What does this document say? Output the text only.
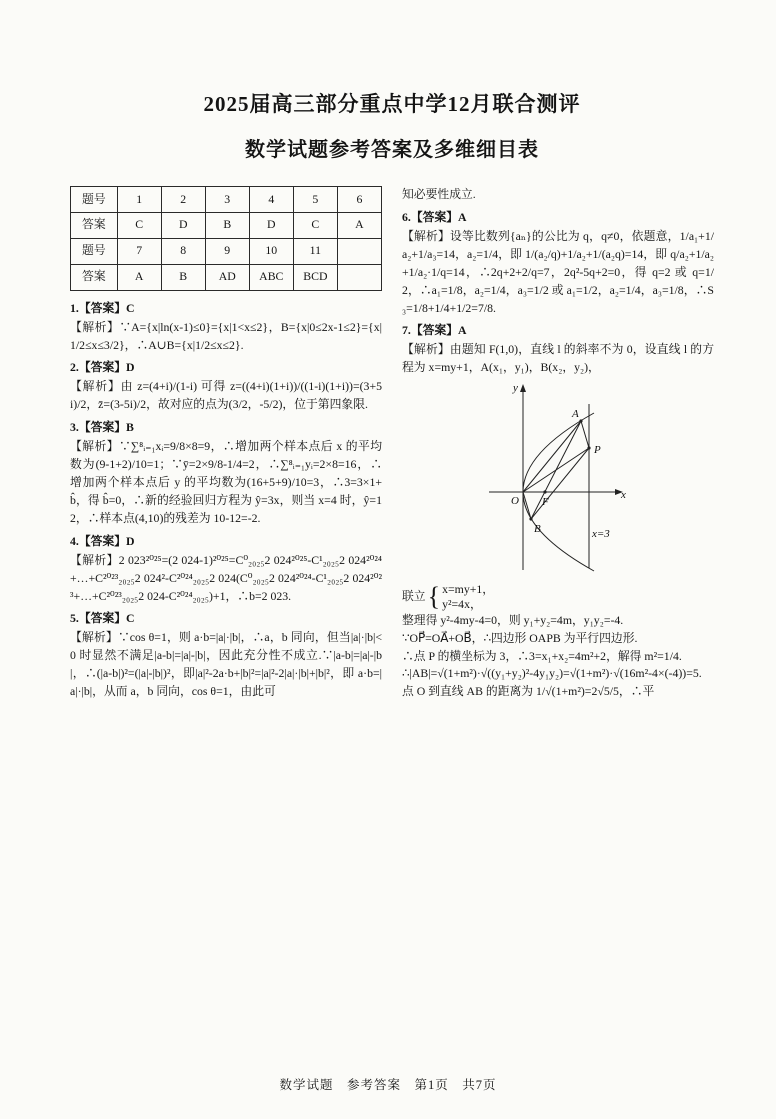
2025届高三部分重点中学12月联合测评
数学试题参考答案及多维细目表
题号	1	2	3	4	5	6
答案	C	D	B	D	C	A
题号	7	8	9	10	11	
答案	A	B	AD	ABC	BCD	
1.【答案】C
【解析】∵A={x|ln(x-1)≤0}={x|1<x≤2}，B={x|0≤2x-1≤2}={x|1/2≤x≤3/2}，∴A∪B={x|1/2≤x≤2}.
2.【答案】D
【解析】由 z=(4+i)/(1-i) 可得 z=((4+i)(1+i))/((1-i)(1+i))=(3+5i)/2，z̄=(3-5i)/2，故对应的点为(3/2，-5/2)，位于第四象限.
3.【答案】B
【解析】∵∑⁸ᵢ₌₁xᵢ=9/8×8=9，∴增加两个样本点后 x 的平均数为(9-1+2)/10=1；∵ȳ=2×9/8-1/4=2，∴∑⁸ᵢ₌₁yᵢ=2×8=16，∴增加两个样本点后 y 的平均数为(16+5+9)/10=3，∴3=3×1+b̂，得 b̂=0，∴新的经验回归方程为 ŷ=3x，则当 x=4 时，ŷ=12，∴样本点(4,10)的残差为 10-12=-2.
4.【答案】D
【解析】2 023²⁰²⁵=(2 024-1)²⁰²⁵=C⁰₂₀₂₅2 024²⁰²⁵-C¹₂₀₂₅2 024²⁰²⁴+…+C²⁰²³₂₀₂₅2 024²-C²⁰²⁴₂₀₂₅2 024(C⁰₂₀₂₅2 024²⁰²⁴-C¹₂₀₂₅2 024²⁰²³+…+C²⁰²³₂₀₂₅2 024-C²⁰²⁴₂₀₂₅)+1，∴b=2 023.
5.【答案】C
【解析】∵cos θ=1，则 a·b=|a|·|b|，∴a，b 同向，但当|a|·|b|<0 时显然不满足|a-b|=|a|-|b|，因此充分性不成立.∵|a-b|=|a|-|b|，∴(|a-b|)²=(|a|-|b|)²，即|a|²-2a·b+|b|²=|a|²-2|a|·|b|+|b|²，即 a·b=|a|·|b|，从而 a，b 同向，cos θ=1，由此可
知必要性成立.
6.【答案】A
【解析】设等比数列{aₙ}的公比为 q，q≠0，依题意，1/a₁+1/a₂+1/a₃=14，a₂=1/4，即 1/(a₂/q)+1/a₂+1/(a₂q)=14，即 q/a₂+1/a₂+1/a₂·1/q=14，∴2q+2+2/q=7，2q²-5q+2=0，得 q=2 或 q=1/2，∴a₁=1/8，a₂=1/4，a₃=1/2 或 a₁=1/2，a₂=1/4，a₃=1/8，∴S₃=1/8+1/4+1/2=7/8.
7.【答案】A
【解析】由题知 F(1,0)，直线 l 的斜率不为 0，设直线 l 的方程为 x=my+1，A(x₁，y₁)，B(x₂，y₂)，
y
x
A
P
O F
B	x=3
联立 { x=my+1，
y²=4x，
整理得 y²-4my-4=0，则 y₁+y₂=4m，y₁y₂=-4.
∵OP⃗=OA⃗+OB⃗，∴四边形 OAPB 为平行四边形.
∴点 P 的横坐标为 3，∴3=x₁+x₂=4m²+2，解得 m²=1/4.
∴|AB|=√(1+m²)·√((y₁+y₂)²-4y₁y₂)=√(1+m²)·√(16m²-4×(-4))=5.
点 O 到直线 AB 的距离为 1/√(1+m²)=2√5/5，∴平
数学试题　参考答案　第1页　共7页
